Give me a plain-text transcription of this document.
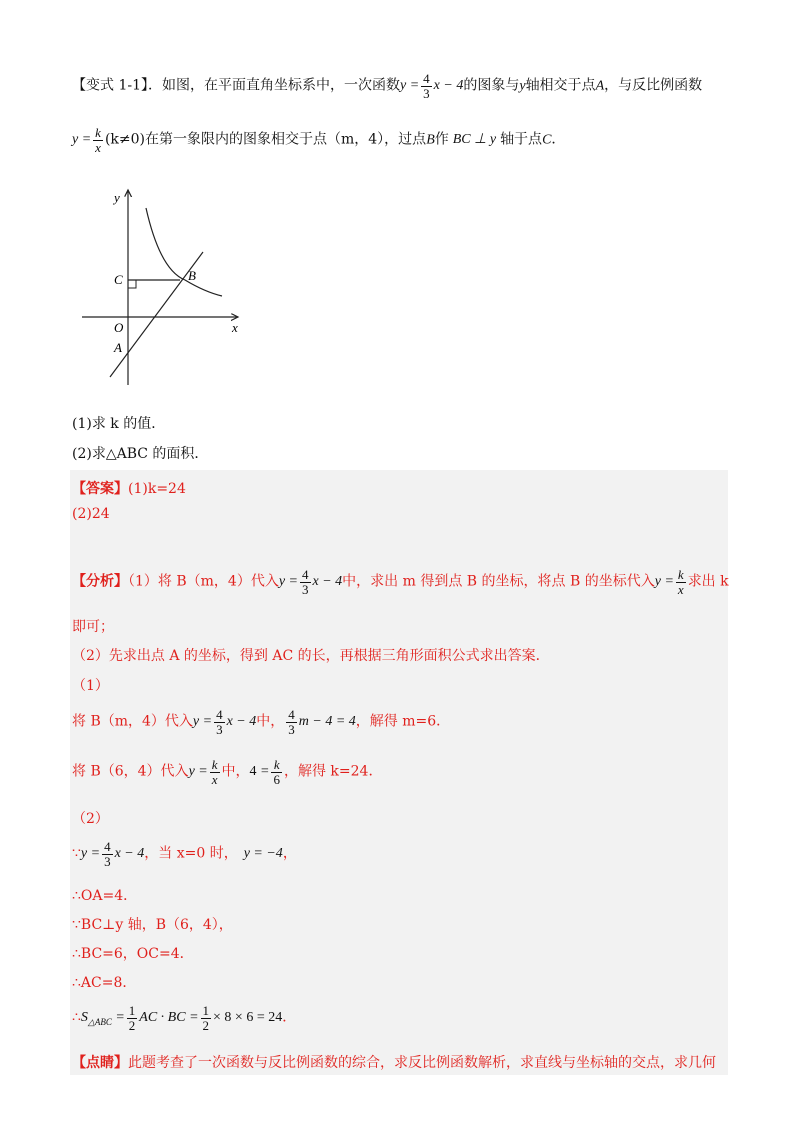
【变式 1-1】．如图，在平面直角坐标系中，一次函数$y = \frac{4}{3}$ x − 4的图象与y轴相交于点A，与反比例函数
$y = \frac{k}{x} (k\ne 0)$在第一象限内的图象相交于点（m，4），过点B作 BC ⊥ y 轴于点C．
y
x
O
C	B
A
(1)求 k 的值．
(2)求△ABC 的面积．
【答案】(1)k=24
(2)24
【分析】（1）将 B（m，4）代入$y = \frac{4}{3}$ x − 4中，求出 m 得到点 B 的坐标，将点 B 的坐标代入$y = \frac{k}{x}$ 求出 k
即可；
（2）先求出点 A 的坐标，得到 AC 的长，再根据三角形面积公式求出答案．
（1）
将 B（m，4）代入$y = \frac{4}{3}$ x − 4中， $\frac{4}{3}$ m − 4 = 4，解得 m=6．
将 B（6，4）代入$y = \frac{k}{x}$ 中，$4 = \frac{k}{6}$ ，解得 k=24．
（2）
∵y = $\frac{4}{3}$ x − 4，当 x=0 时， y = −4，
∴OA=4．
∵BC⊥y 轴，B（6，4），
∴BC=6，OC=4．
∴AC=8．
$\therefore S_{\triangle ABC} = \frac{1}{2}$ AC · BC = $\frac{1}{2} \times 8 \times 6 = 24$．
【点睛】此题考查了一次函数与反比例函数的综合，求反比例函数解析，求直线与坐标轴的交点，求几何
